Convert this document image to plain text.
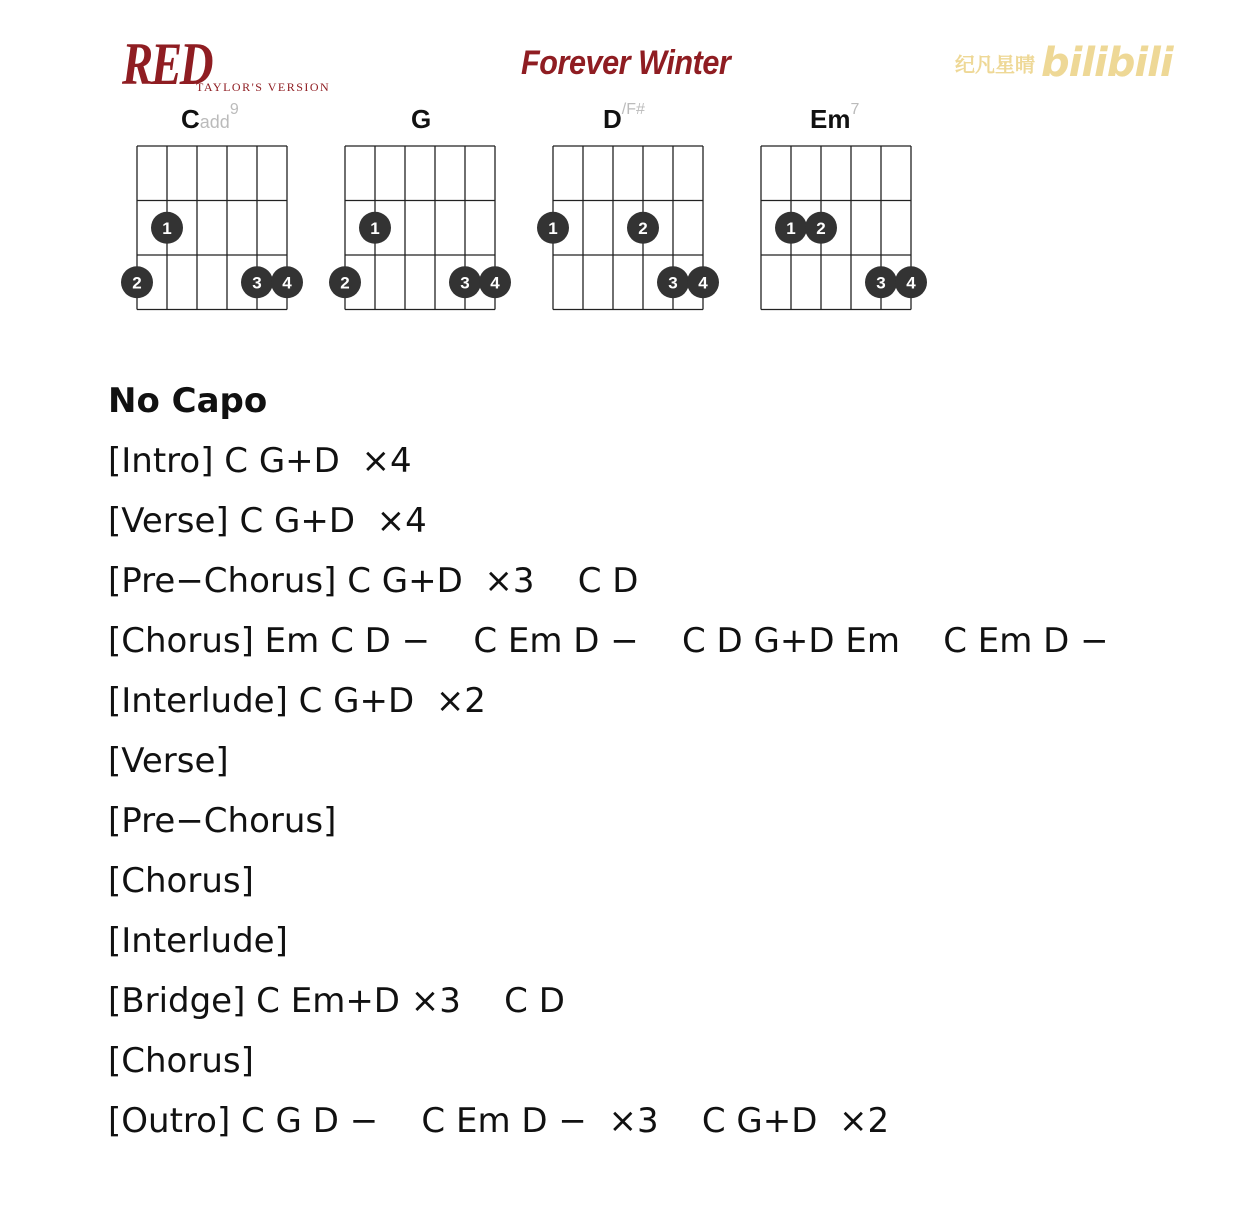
RED
TAYLOR'S VERSION
Forever Winter	纪凡星晴 bilibili
Cadd$^9$	G	$D^{/F\#}$	Em$^7$
1
2	3 4
1
2	3 4
1	2
3 4
1 2
3 4
No Capo
[Intro] C G+D  ×4
[Verse] C G+D  ×4
[Pre−Chorus] C G+D  ×3    C D
[Chorus] Em C D −    C Em D −    C D G+D Em    C Em D −
[Interlude] C G+D  ×2
[Verse]
[Pre−Chorus]
[Chorus]
[Interlude]
[Bridge] C Em+D ×3    C D
[Chorus]
[Outro] C G D −    C Em D −  ×3    C G+D  ×2
